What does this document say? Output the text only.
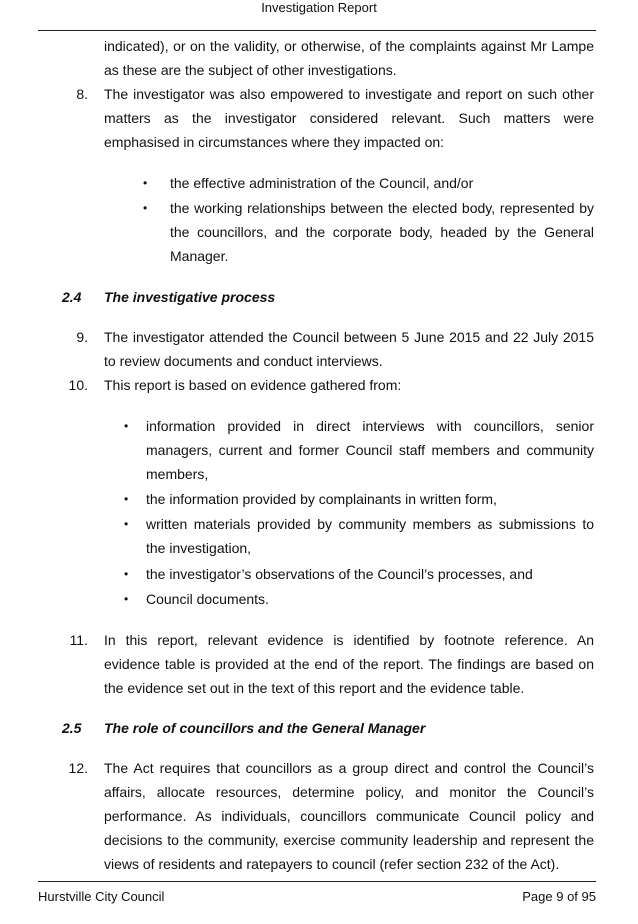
Investigation Report
indicated), or on the validity, or otherwise, of the complaints against Mr Lampe
as these are the subject of other investigations.
8. The investigator was also empowered to investigate and report on such other
matters as the investigator considered relevant. Such matters were
emphasised in circumstances where they impacted on:
• the effective administration of the Council, and/or
• the working relationships between the elected body, represented by
the councillors, and the corporate body, headed by the General
Manager.
2.4 The investigative process
9. The investigator attended the Council between 5 June 2015 and 22 July 2015
to review documents and conduct interviews.
10. This report is based on evidence gathered from:
• information provided in direct interviews with councillors, senior
managers, current and former Council staff members and community
members,
• the information provided by complainants in written form,
• written materials provided by community members as submissions to
the investigation,
• the investigator’s observations of the Council’s processes, and
• Council documents.
11. In this report, relevant evidence is identified by footnote reference. An
evidence table is provided at the end of the report. The findings are based on
the evidence set out in the text of this report and the evidence table.
2.5 The role of councillors and the General Manager
12. The Act requires that councillors as a group direct and control the Council’s
affairs, allocate resources, determine policy, and monitor the Council’s
performance. As individuals, councillors communicate Council policy and
decisions to the community, exercise community leadership and represent the
views of residents and ratepayers to council (refer section 232 of the Act).
Hurstville City Council	Page 9 of 95
